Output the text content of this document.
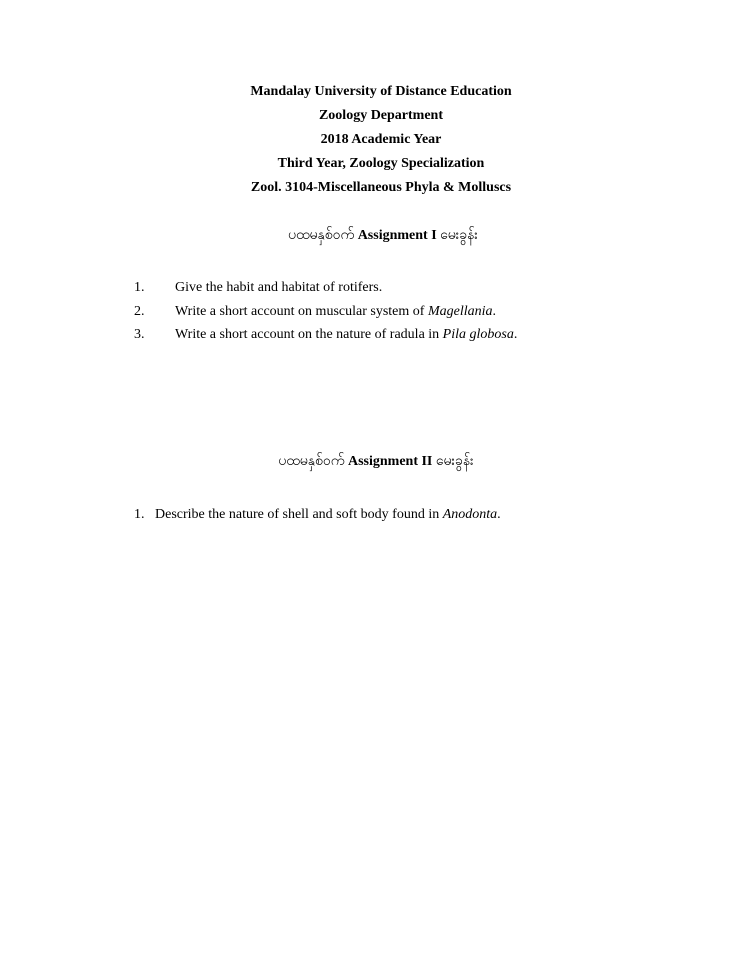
Mandalay University of Distance Education
Zoology Department
2018 Academic Year
Third Year, Zoology Specialization
Zool. 3104-Miscellaneous Phyla & Molluscs
ပထမနှစ်ဝက် Assignment I မေးခွန်း
1.	Give the habit and habitat of rotifers.
2.	Write a short account on muscular system of Magellania.
3.	Write a short account on the nature of radula in Pila globosa.
ပထမနှစ်ဝက် Assignment II မေးခွန်း
1. Describe the nature of shell and soft body found in Anodonta.
